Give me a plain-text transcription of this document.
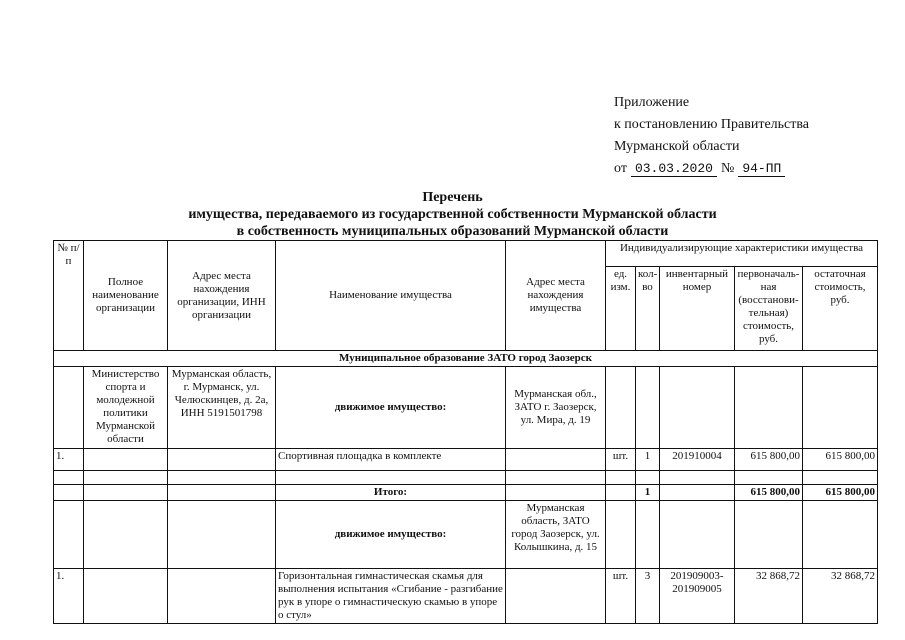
Приложение
к постановлению Правительства
Мурманской области
от 03.03.2020 № 94-ПП
Перечень
имущества, передаваемого из государственной собственности Мурманской области
в собственность муниципальных образований Мурманской области
№ п/п	Полное наименование организации	Адрес места нахождения организации, ИНН организации	Наименование имущества	Адрес места нахождения имущества	Индивидуализирующие характеристики имущества				
					ед. изм.	кол-во	инвентарный номер	первоначаль-ная (восстанови-тельная) стоимость, руб.	остаточная стоимость, руб.
Муниципальное образование ЗАТО город Заозерск									
	Министерство спорта и молодежной политики Мурманской области	Мурманская область, г. Мурманск, ул. Челюскинцев, д. 2а, ИНН 5191501798	движимое имущество:	Мурманская обл., ЗАТО г. Заозерск, ул. Мира, д. 19					
1.			Спортивная площадка в комплекте		шт.	1	201910004	615 800,00	615 800,00

			Итого:			1		615 800,00	615 800,00
			движимое имущество:	Мурманская область, ЗАТО город Заозерск, ул. Колышкина, д. 15					
1.			Горизонтальная гимнастическая скамья для выполнения испытания «Сгибание - разгибание рук в упоре о гимнастическую скамью в упоре о стул»		шт.	3	201909003-201909005	32 868,72	32 868,72
